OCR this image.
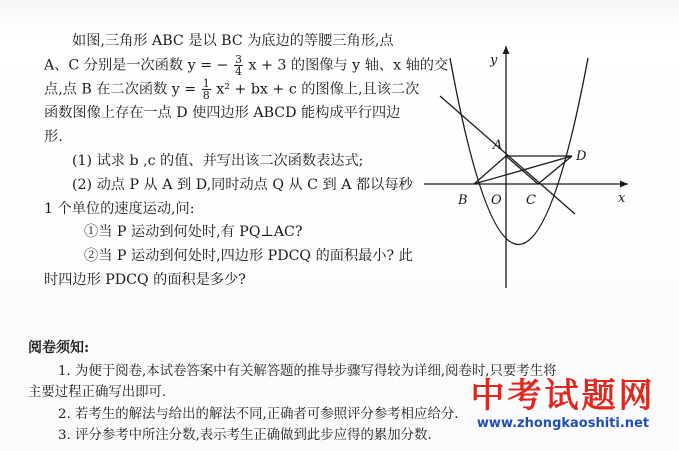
如图,三角形 ABC 是以 BC 为底边的等腰三角形,点

A、C 分别是一次函数 y = − $\frac{3}{4}$ x + 3 的图像与 y 轴、x 轴的交

点,点 B 在二次函数 $y = \frac{1}{8} x^2$ + bx + c 的图像上,且该二次

函数图像上存在一点 D 使四边形 ABCD 能构成平行四边

形.

(1) 试求 b ,c 的值、并写出该二次函数表达式;

(2) 动点 P 从 A 到 D,同时动点 Q 从 C 到 A 都以每秒

1 个单位的速度运动,问:

①当 P 运动到何处时,有 PQ⊥AC?

②当 P 运动到何处时,四边形 PDCQ 的面积最小? 此

时四边形 PDCQ 的面积是多少?

y
x
A
D
B O C

阅卷须知:

1. 为便于阅卷,本试卷答案中有关解答题的推导步骤写得较为详细,阅卷时,只要考生将

主要过程正确写出即可.

2. 若考生的解法与给出的解法不同,正确者可参照评分参考相应给分.

3. 评分参考中所注分数,表示考生正确做到此步应得的累加分数.

中考试题网
www.zhongkaoshiti.net
